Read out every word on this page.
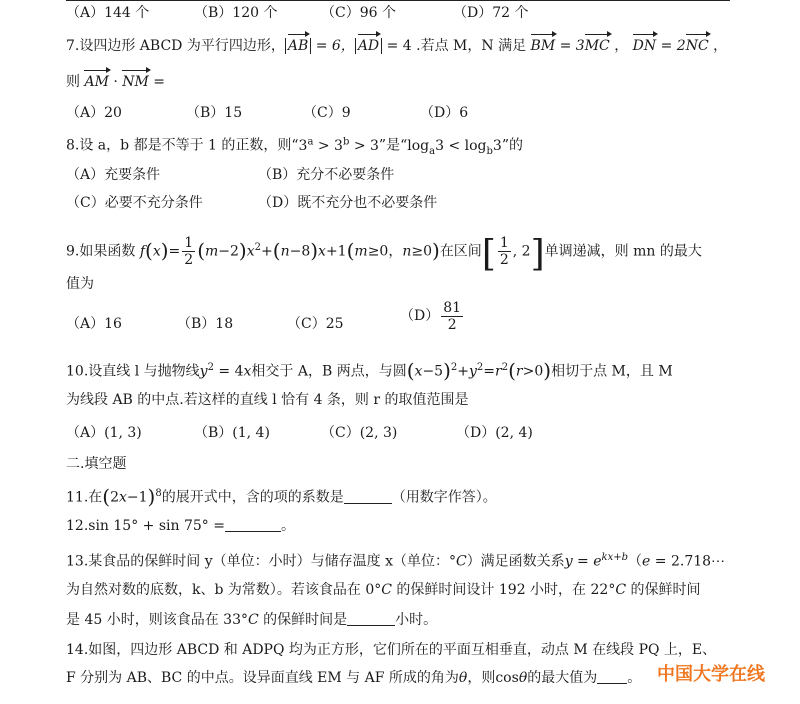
（A）144 个	（B）120 个	（C）96 个	（D）72 个
7.设四边形 ABCD 为平行四边形， AB = 6， AD = 4 .若点 M，N 满足 BM = 3MC ， DN = 2NC ，
则 AM · NM =
（A）20	（B）15	（C）9	（D）6
8.设 a，b 都是不等于 1 的正数，则“$3^a > 3^b > 3$”是“$\log_a3 < \log_b3$”的
（A）充要条件	（B）充分不必要条件
（C）必要不充分条件	（D）既不充分也不必要条件
9.如果函数 $f(x)= \frac{1}{2} (m-2)x^2+(n-8)x+1(m\ge 0$，n≥0)在区间[ $\frac{1}{2}$ , 2]单调递减，则 mn 的最大
值为
（A）16	（B）18	（C）25	$(D) \frac{81}{2}$
10.设直线 l 与抛物线$y^2 = 4x$相交于 A，B 两点，与圆$(x-5)^2+y^2=r^2(r>0)$相切于点 M，且 M
为线段 AB 的中点.若这样的直线 l 恰有 4 条，则 r 的取值范围是
（A）(1, 3)	（B）(1, 4)	（C）(2, 3)	（D）(2, 4)
二.填空题
11.在$(2x-1)^8$的展开式中，含的项的系数是	（用数字作答）。
12.sin 15° + sin 75° =	。
13.某食品的保鲜时间 y（单位：小时）与储存温度 x（单位：°C）满足函数关系$y = e^{kx+b}(e$ = 2.718⋯
为自然对数的底数，k、b 为常数）。若该食品在 0°C 的保鲜时间设计 192 小时，在 22°C 的保鲜时间
是 45 小时，则该食品在 33°C 的保鲜时间是	小时。
14.如图，四边形 ABCD 和 ADPQ 均为正方形，它们所在的平面互相垂直，动点 M 在线段 PQ 上，E、
F 分别为 AB、BC 的中点。设异面直线 EM 与 AF 所成的角为θ，则cosθ的最大值为 。 中国大学在线
